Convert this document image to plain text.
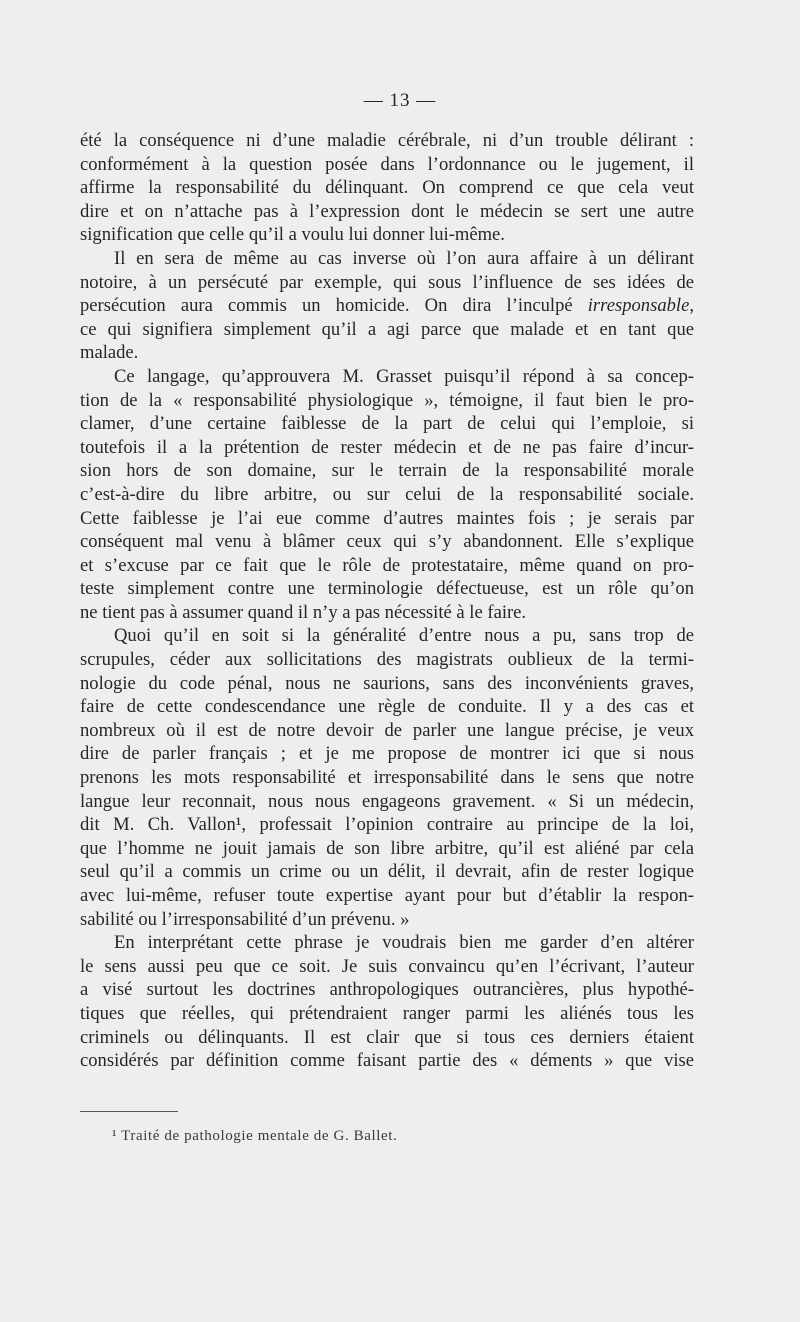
— 13 —
été la conséquence ni d’une maladie cérébrale, ni d’un trouble délirant :
conformément à la question posée dans l’ordonnance ou le jugement, il
affirme la responsabilité du délinquant. On comprend ce que cela veut
dire et on n’attache pas à l’expression dont le médecin se sert une autre
signification que celle qu’il a voulu lui donner lui-même.
Il en sera de même au cas inverse où l’on aura affaire à un délirant
notoire, à un persécuté par exemple, qui sous l’influence de ses idées de
persécution aura commis un homicide. On dira l’inculpé irresponsable,
ce qui signifiera simplement qu’il a agi parce que malade et en tant que
malade.
Ce langage, qu’approuvera M. Grasset puisqu’il répond à sa concep-
tion de la « responsabilité physiologique », témoigne, il faut bien le pro-
clamer, d’une certaine faiblesse de la part de celui qui l’emploie, si
toutefois il a la prétention de rester médecin et de ne pas faire d’incur-
sion hors de son domaine, sur le terrain de la responsabilité morale
c’est-à-dire du libre arbitre, ou sur celui de la responsabilité sociale.
Cette faiblesse je l’ai eue comme d’autres maintes fois ; je serais par
conséquent mal venu à blâmer ceux qui s’y abandonnent. Elle s’explique
et s’excuse par ce fait que le rôle de protestataire, même quand on pro-
teste simplement contre une terminologie défectueuse, est un rôle qu’on
ne tient pas à assumer quand il n’y a pas nécessité à le faire.
Quoi qu’il en soit si la généralité d’entre nous a pu, sans trop de
scrupules, céder aux sollicitations des magistrats oublieux de la termi-
nologie du code pénal, nous ne saurions, sans des inconvénients graves,
faire de cette condescendance une règle de conduite. Il y a des cas et
nombreux où il est de notre devoir de parler une langue précise, je veux
dire de parler français ; et je me propose de montrer ici que si nous
prenons les mots responsabilité et irresponsabilité dans le sens que notre
langue leur reconnait, nous nous engageons gravement. « Si un médecin,
dit M. Ch. Vallon¹, professait l’opinion contraire au principe de la loi,
que l’homme ne jouit jamais de son libre arbitre, qu’il est aliéné par cela
seul qu’il a commis un crime ou un délit, il devrait, afin de rester logique
avec lui-même, refuser toute expertise ayant pour but d’établir la respon-
sabilité ou l’irresponsabilité d’un prévenu. »
En interprétant cette phrase je voudrais bien me garder d’en altérer
le sens aussi peu que ce soit. Je suis convaincu qu’en l’écrivant, l’auteur
a visé surtout les doctrines anthropologiques outrancières, plus hypothé-
tiques que réelles, qui prétendraient ranger parmi les aliénés tous les
criminels ou délinquants. Il est clair que si tous ces derniers étaient
considérés par définition comme faisant partie des « déments » que vise
¹ Traité de pathologie mentale de G. Ballet.
